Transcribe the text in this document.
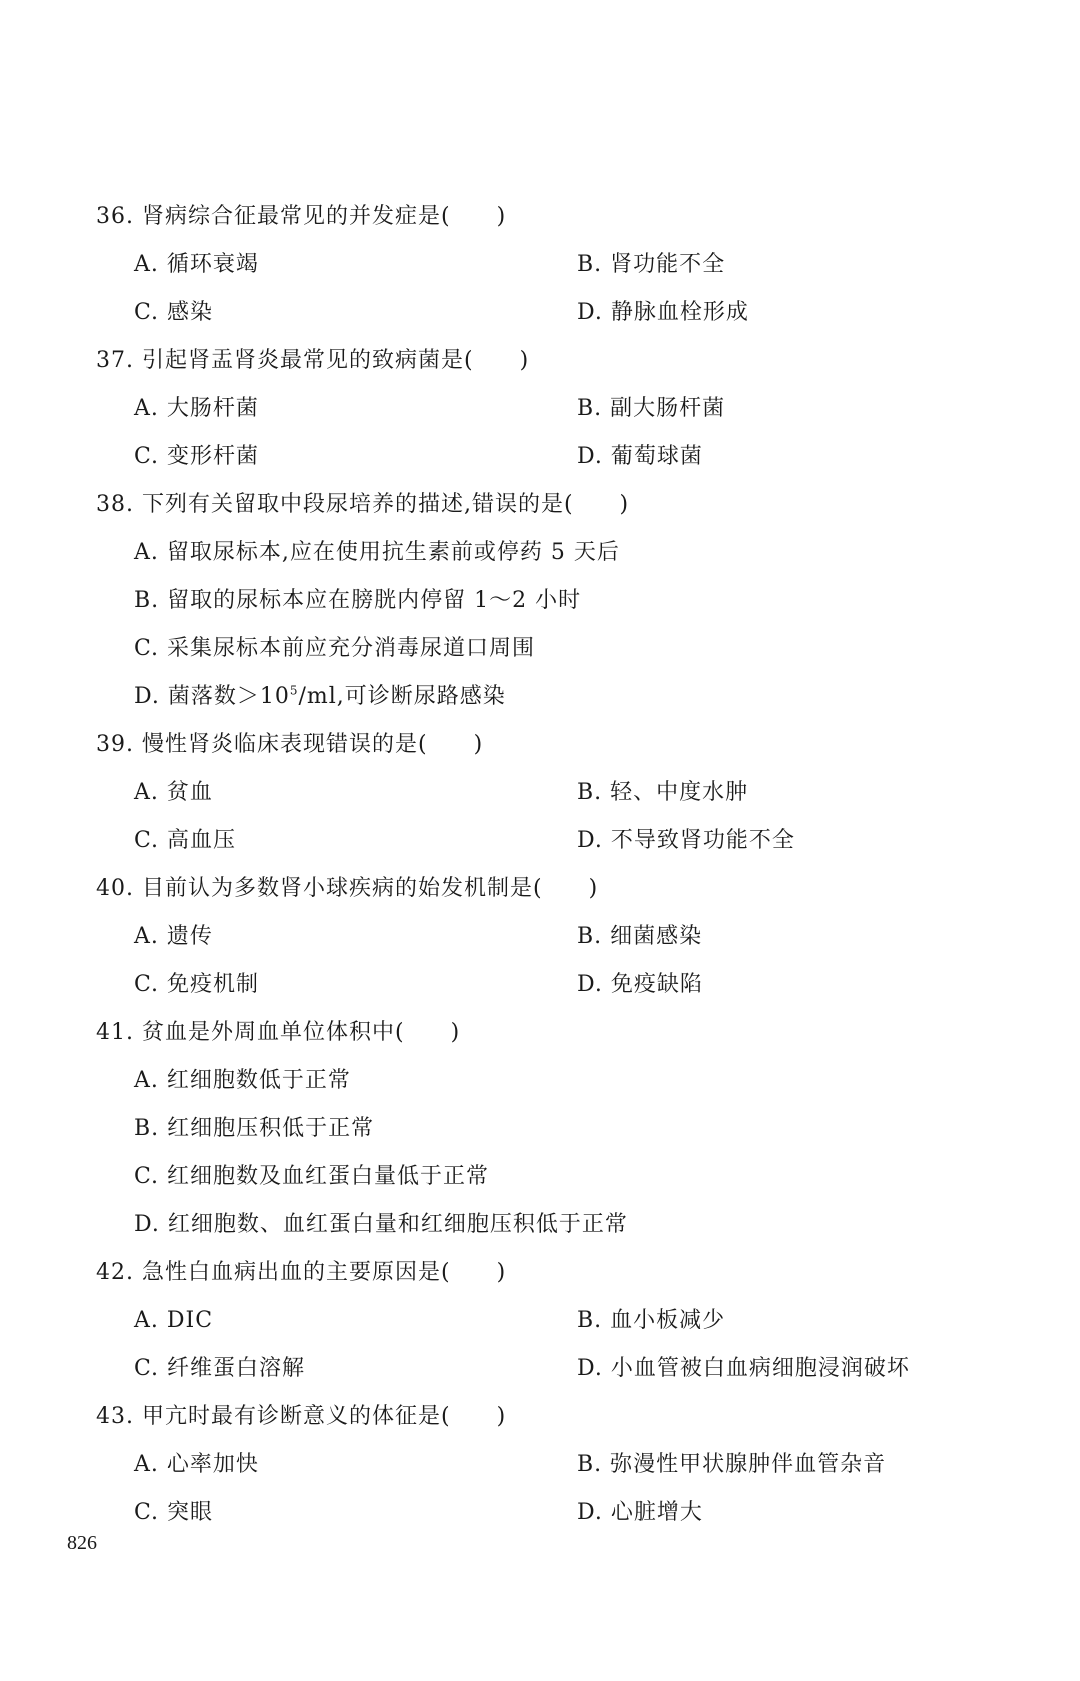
36. 肾病综合征最常见的并发症是(　　)
A. 循环衰竭	B. 肾功能不全
C. 感染	D. 静脉血栓形成
37. 引起肾盂肾炎最常见的致病菌是(　　)
A. 大肠杆菌	B. 副大肠杆菌
C. 变形杆菌	D. 葡萄球菌
38. 下列有关留取中段尿培养的描述,错误的是(　　)
A. 留取尿标本,应在使用抗生素前或停药 5 天后
B. 留取的尿标本应在膀胱内停留 1～2 小时
C. 采集尿标本前应充分消毒尿道口周围
D. 菌落数$>10^5/ml$,可诊断尿路感染
39. 慢性肾炎临床表现错误的是(　　)
A. 贫血	B. 轻、中度水肿
C. 高血压	D. 不导致肾功能不全
40. 目前认为多数肾小球疾病的始发机制是(　　)
A. 遗传	B. 细菌感染
C. 免疫机制	D. 免疫缺陷
41. 贫血是外周血单位体积中(　　)
A. 红细胞数低于正常
B. 红细胞压积低于正常
C. 红细胞数及血红蛋白量低于正常
D. 红细胞数、血红蛋白量和红细胞压积低于正常
42. 急性白血病出血的主要原因是(　　)
A. DIC	B. 血小板减少
C. 纤维蛋白溶解	D. 小血管被白血病细胞浸润破坏
43. 甲亢时最有诊断意义的体征是(　　)
A. 心率加快	B. 弥漫性甲状腺肿伴血管杂音
C. 突眼	D. 心脏增大
826
